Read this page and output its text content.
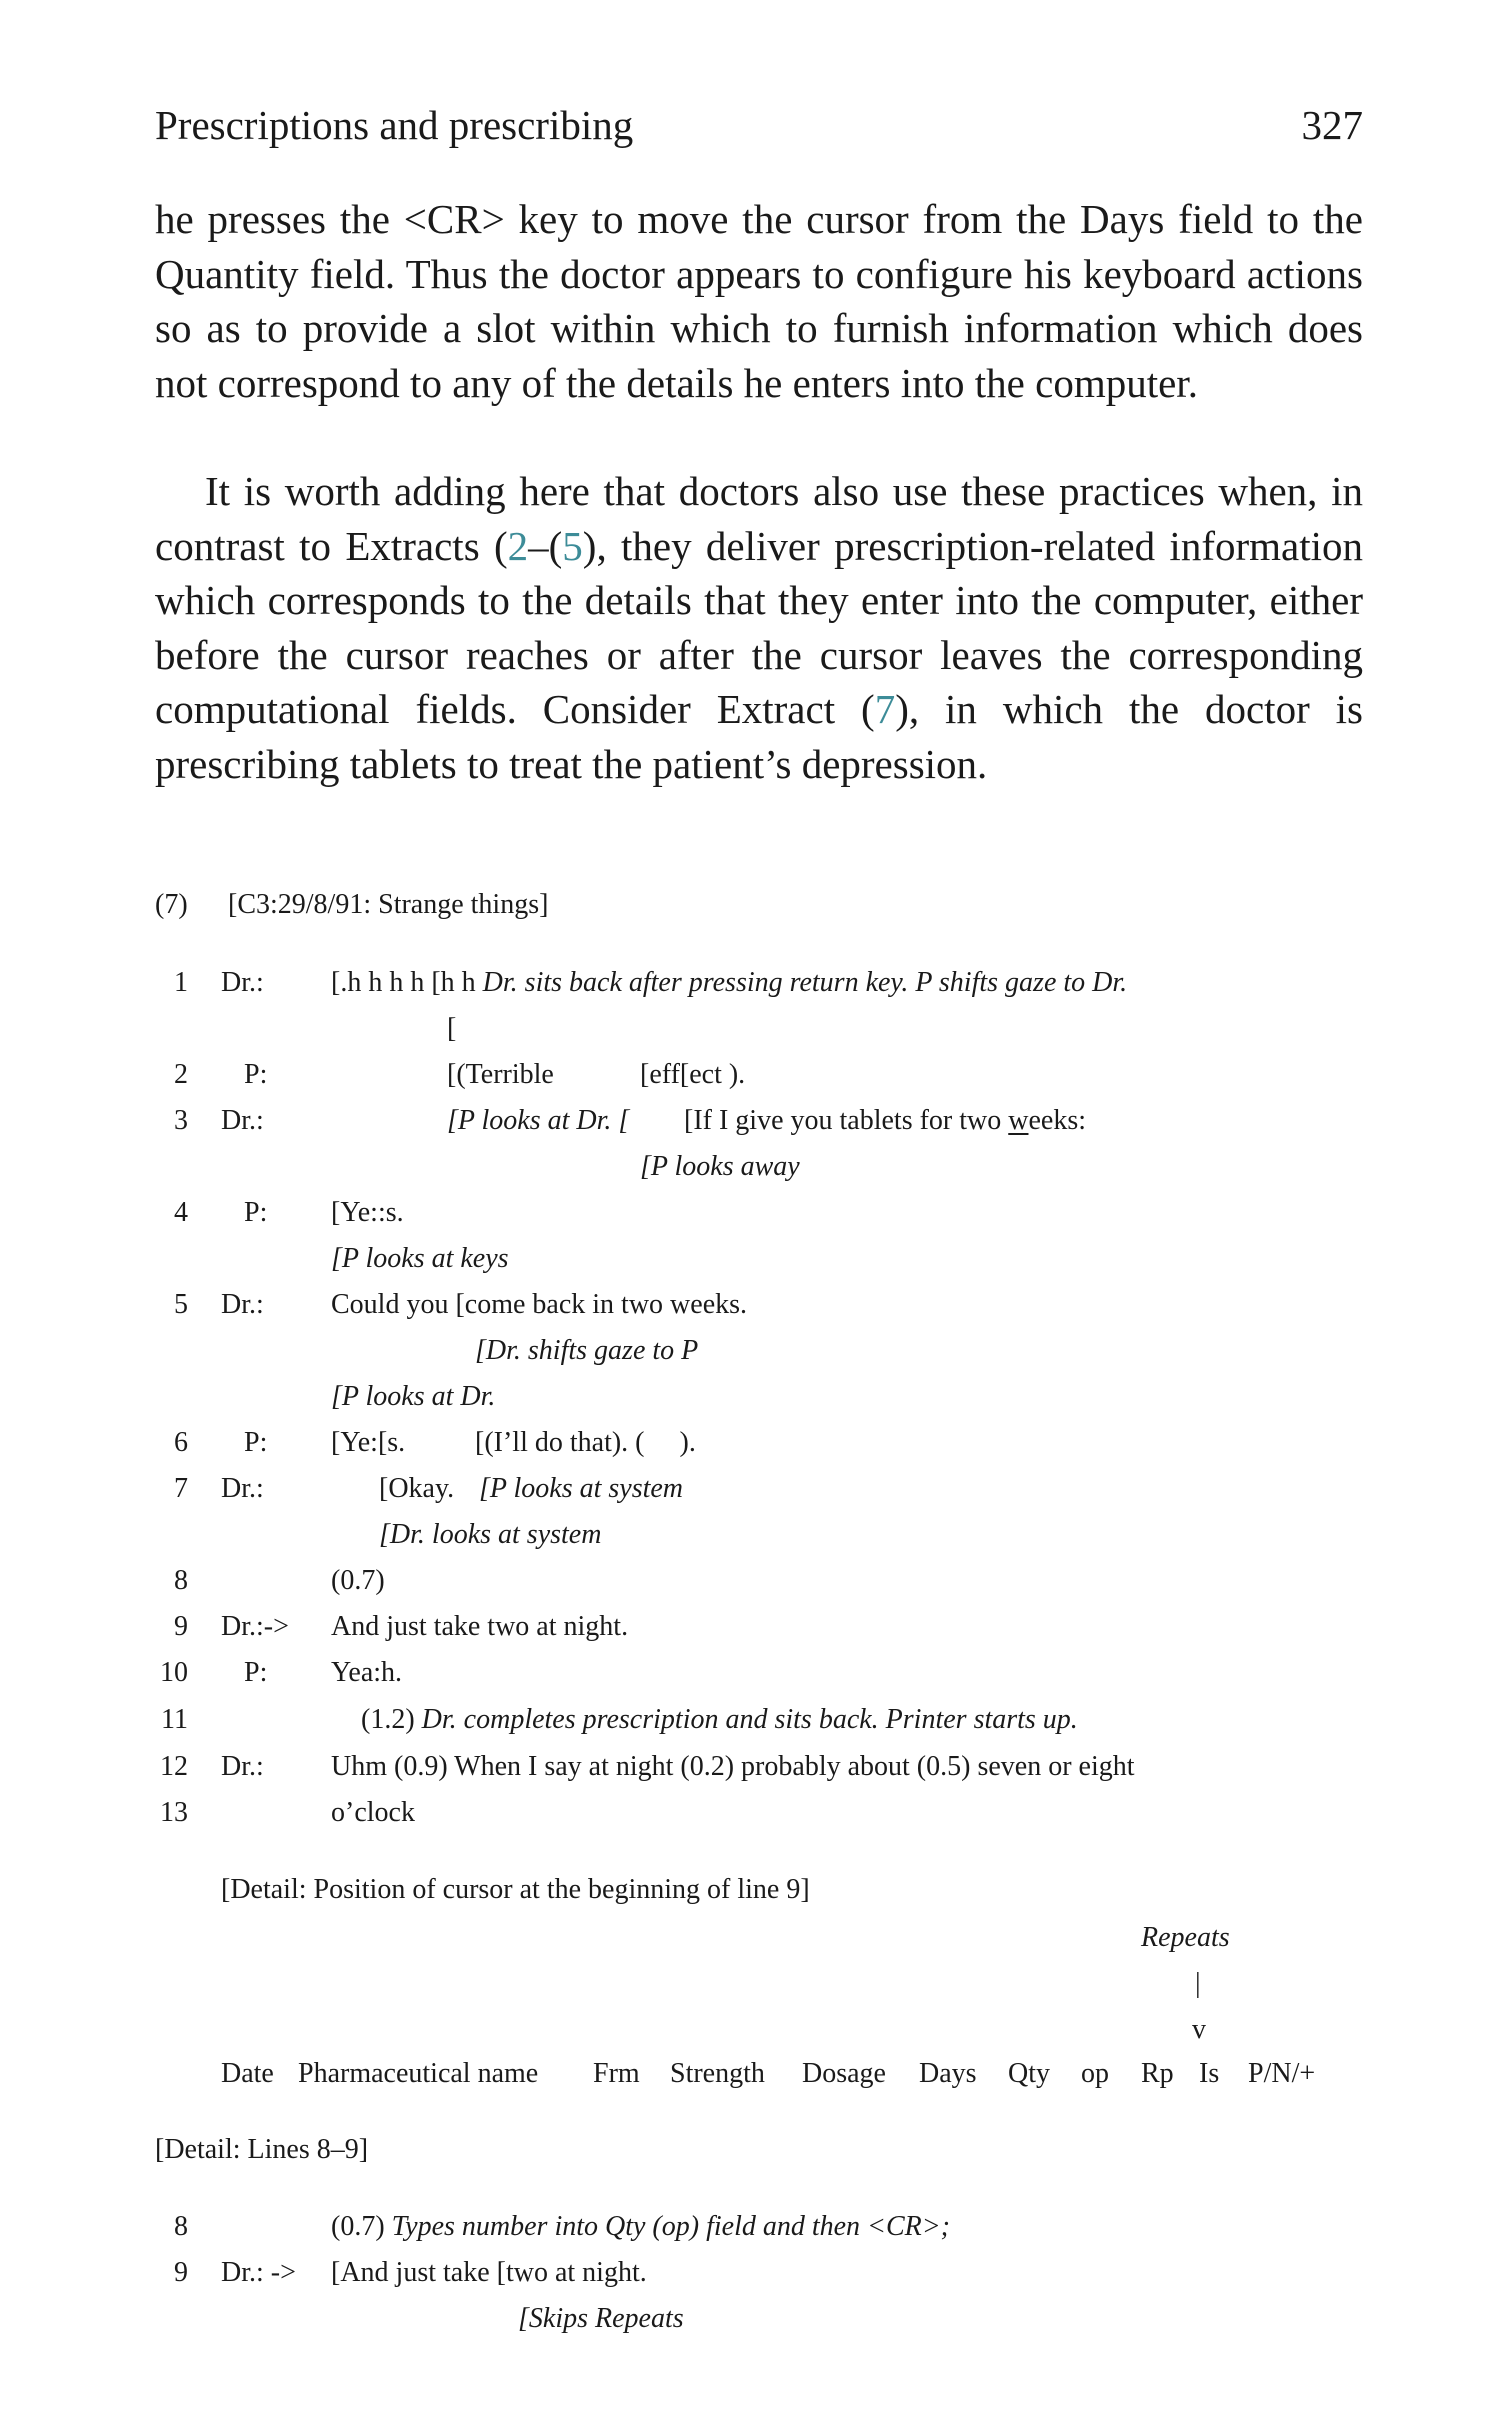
Prescriptions and prescribing	327
he presses the <CR> key to move the cursor from the Days field to the Quantity field. Thus the doctor appears to configure his keyboard actions so as to provide a slot within which to furnish information which does not correspond to any of the details he enters into the computer.
It is worth adding here that doctors also use these practices when, in contrast to Extracts (2–(5), they deliver prescription-related information which corresponds to the details that they enter into the computer, either before the cursor reaches or after the cursor leaves the corresponding computational fields. Consider Extract (7), in which the doctor is prescribing tablets to treat the patient’s depression.
(7) [C3:29/8/91: Strange things]
1 Dr.: [.h h h h [h h Dr. sits back after pressing return key. P shifts gaze to Dr.
[
2 P:	[(Terrible	[eff[ect ).
3 Dr.:	[P looks at Dr. [ [If I give you tablets for two weeks:
[P looks away
4 P: [Ye::s.
[P looks at keys
5 Dr.: Could you [come back in two weeks.
[Dr. shifts gaze to P
[P looks at Dr.
6 P: [Ye:[s. [(I’ll do that). (     ).
7 Dr.:	[Okay. [P looks at system
[Dr. looks at system
8	(0.7)
9 Dr.:-> And just take two at night.
10 P: Yea:h.
11	(1.2) Dr. completes prescription and sits back. Printer starts up.
12 Dr.: Uhm (0.9) When I say at night (0.2) probably about (0.5) seven or eight
13	o’clock
[Detail: Position of cursor at the beginning of line 9]
Repeats
|
v
Date Pharmaceutical name Frm Strength Dosage Days Qty op Rp Is P/N/+
[Detail: Lines 8–9]
8	(0.7) Types number into Qty (op) field and then <CR>;
9 Dr.: -> [And just take [two at night.
[Skips Repeats
